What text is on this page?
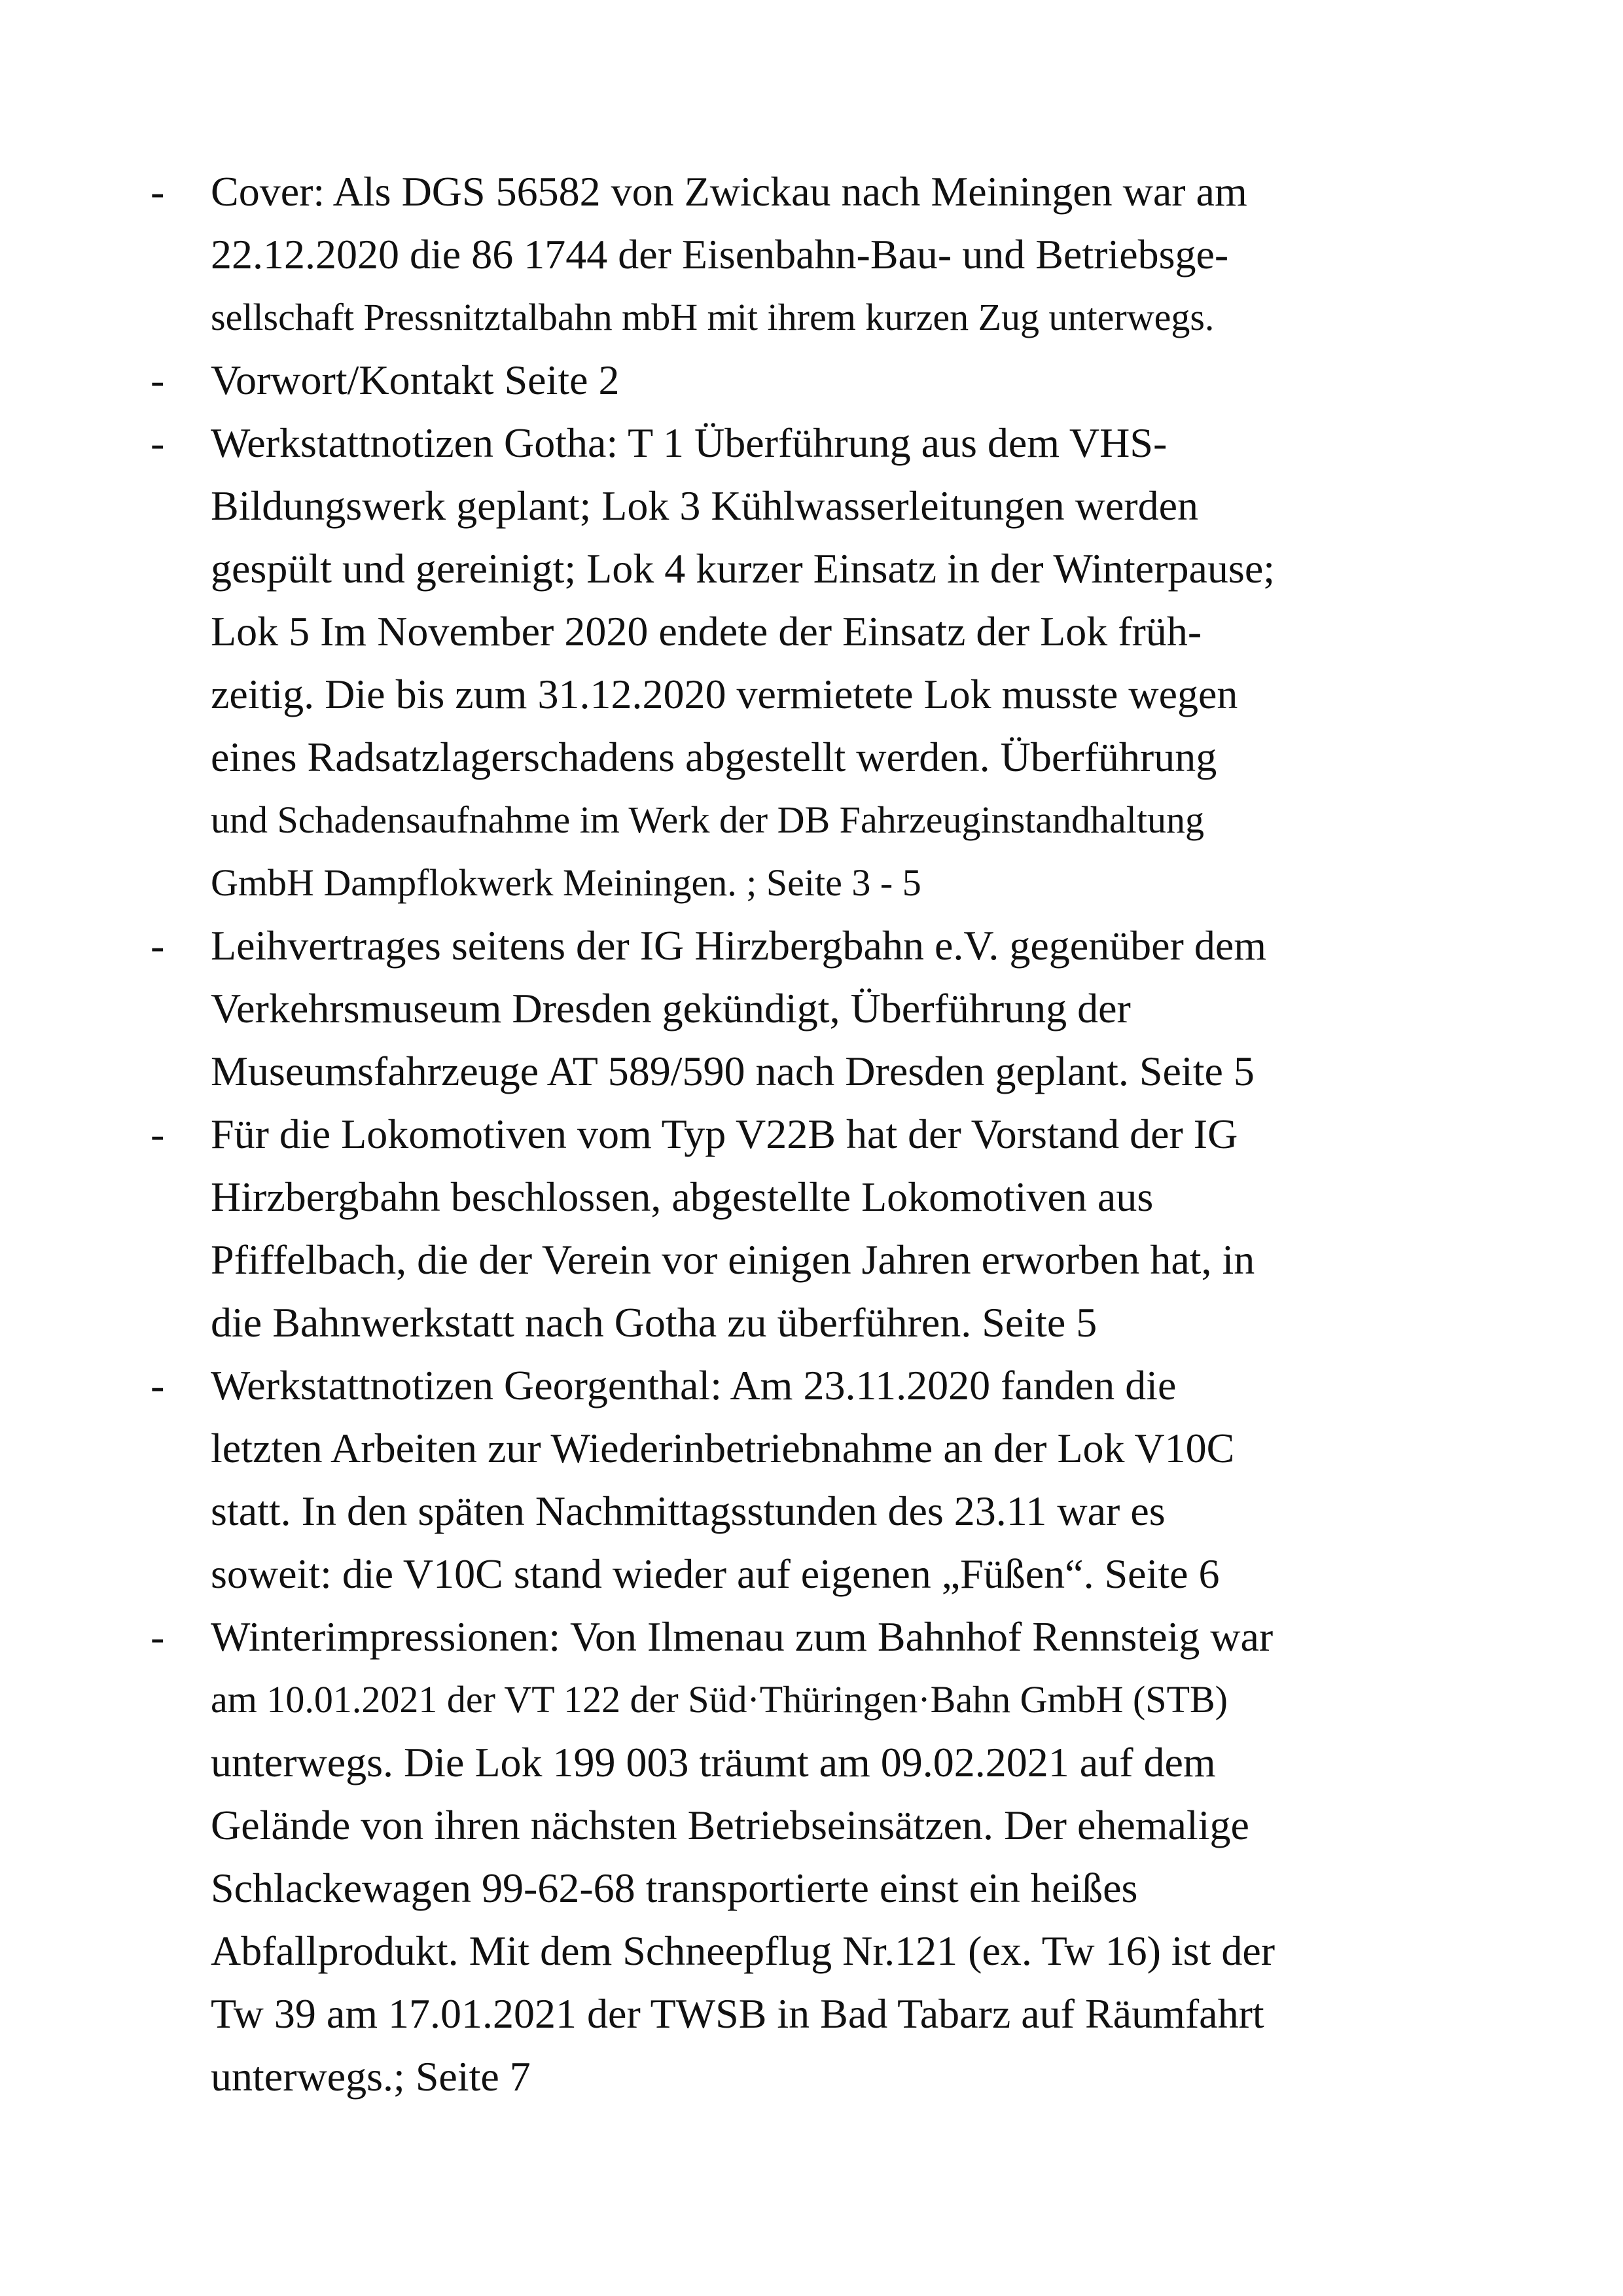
-	Cover: Als DGS 56582 von Zwickau nach Meiningen war am
22.12.2020 die 86 1744 der Eisenbahn-Bau- und Betriebsge-
sellschaft Pressnitztalbahn mbH mit ihrem kurzen Zug unterwegs.
-	Vorwort/Kontakt Seite 2
-	Werkstattnotizen Gotha: T 1 Überführung aus dem VHS-
Bildungswerk geplant; Lok 3 Kühlwasserleitungen werden
gespült und gereinigt; Lok 4 kurzer Einsatz in der Winterpause;
Lok 5 Im November 2020 endete der Einsatz der Lok früh-
zeitig. Die bis zum 31.12.2020 vermietete Lok musste wegen
eines Radsatzlagerschadens abgestellt werden. Überführung
und Schadensaufnahme im Werk der DB Fahrzeuginstandhaltung
GmbH Dampflokwerk Meiningen. ; Seite 3 - 5
-	Leihvertrages seitens der IG Hirzbergbahn e.V. gegenüber dem
Verkehrsmuseum Dresden gekündigt, Überführung der
Museumsfahrzeuge AT 589/590 nach Dresden geplant. Seite 5
-	Für die Lokomotiven vom Typ V22B hat der Vorstand der IG
Hirzbergbahn beschlossen, abgestellte Lokomotiven aus
Pfiffelbach, die der Verein vor einigen Jahren erworben hat, in
die Bahnwerkstatt nach Gotha zu überführen. Seite 5
-	Werkstattnotizen Georgenthal: Am 23.11.2020 fanden die
letzten Arbeiten zur Wiederinbetriebnahme an der Lok V10C
statt. In den späten Nachmittagsstunden des 23.11 war es
soweit: die V10C stand wieder auf eigenen „Füßen“. Seite 6
-	Winterimpressionen: Von Ilmenau zum Bahnhof Rennsteig war
am 10.01.2021 der VT 122 der Süd·Thüringen·Bahn GmbH (STB)
unterwegs. Die Lok 199 003 träumt am 09.02.2021 auf dem
Gelände von ihren nächsten Betriebseinsätzen. Der ehemalige
Schlackewagen 99-62-68 transportierte einst ein heißes
Abfallprodukt. Mit dem Schneepflug Nr.121 (ex. Tw 16) ist der
Tw 39 am 17.01.2021 der TWSB in Bad Tabarz auf Räumfahrt
unterwegs.; Seite 7
